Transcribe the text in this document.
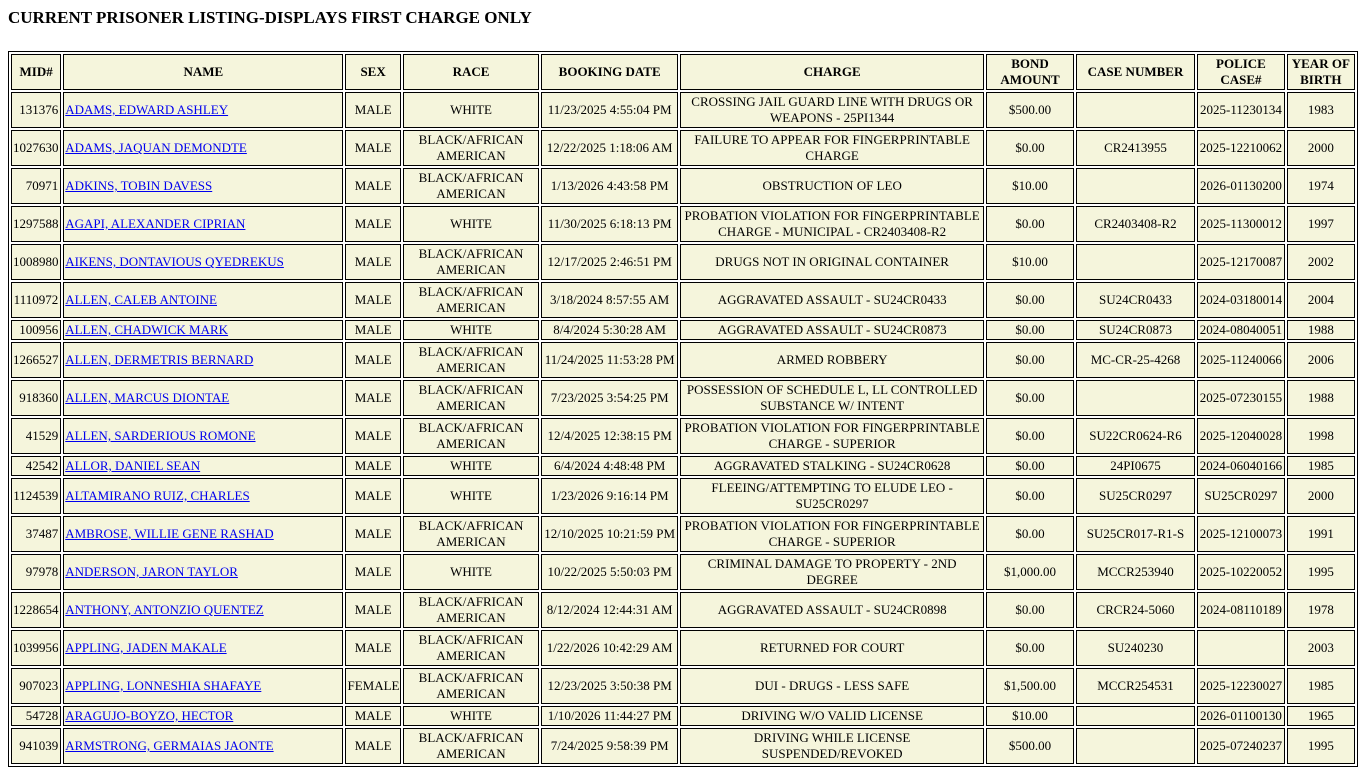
CURRENT PRISONER LISTING-DISPLAYS FIRST CHARGE ONLY
MID#	NAME	SEX	RACE	BOOKING DATE	CHARGE	BOND AMOUNT	CASE NUMBER	POLICE CASE#	YEAR OF BIRTH
131376	ADAMS, EDWARD ASHLEY	MALE	WHITE	11/23/2025 4:55:04 PM	CROSSING JAIL GUARD LINE WITH DRUGS OR WEAPONS - 25PI1344	$500.00		2025-11230134	1983
1027630	ADAMS, JAQUAN DEMONDTE	MALE	BLACK/AFRICAN AMERICAN	12/22/2025 1:18:06 AM	FAILURE TO APPEAR FOR FINGERPRINTABLE CHARGE	$0.00	CR2413955	2025-12210062	2000
70971	ADKINS, TOBIN DAVESS	MALE	BLACK/AFRICAN AMERICAN	1/13/2026 4:43:58 PM	OBSTRUCTION OF LEO	$10.00		2026-01130200	1974
1297588	AGAPI, ALEXANDER CIPRIAN	MALE	WHITE	11/30/2025 6:18:13 PM	PROBATION VIOLATION FOR FINGERPRINTABLE CHARGE - MUNICIPAL - CR2403408-R2	$0.00	CR2403408-R2	2025-11300012	1997
1008980	AIKENS, DONTAVIOUS QYEDREKUS	MALE	BLACK/AFRICAN AMERICAN	12/17/2025 2:46:51 PM	DRUGS NOT IN ORIGINAL CONTAINER	$10.00		2025-12170087	2002
1110972	ALLEN, CALEB ANTOINE	MALE	BLACK/AFRICAN AMERICAN	3/18/2024 8:57:55 AM	AGGRAVATED ASSAULT - SU24CR0433	$0.00	SU24CR0433	2024-03180014	2004
100956	ALLEN, CHADWICK MARK	MALE	WHITE	8/4/2024 5:30:28 AM	AGGRAVATED ASSAULT - SU24CR0873	$0.00	SU24CR0873	2024-08040051	1988
1266527	ALLEN, DERMETRIS BERNARD	MALE	BLACK/AFRICAN AMERICAN	11/24/2025 11:53:28 PM	ARMED ROBBERY	$0.00	MC-CR-25-4268	2025-11240066	2006
918360	ALLEN, MARCUS DIONTAE	MALE	BLACK/AFRICAN AMERICAN	7/23/2025 3:54:25 PM	POSSESSION OF SCHEDULE L, LL CONTROLLED SUBSTANCE W/ INTENT	$0.00		2025-07230155	1988
41529	ALLEN, SARDERIOUS ROMONE	MALE	BLACK/AFRICAN AMERICAN	12/4/2025 12:38:15 PM	PROBATION VIOLATION FOR FINGERPRINTABLE CHARGE - SUPERIOR	$0.00	SU22CR0624-R6	2025-12040028	1998
42542	ALLOR, DANIEL SEAN	MALE	WHITE	6/4/2024 4:48:48 PM	AGGRAVATED STALKING - SU24CR0628	$0.00	24PI0675	2024-06040166	1985
1124539	ALTAMIRANO RUIZ, CHARLES	MALE	WHITE	1/23/2026 9:16:14 PM	FLEEING/ATTEMPTING TO ELUDE LEO - SU25CR0297	$0.00	SU25CR0297	SU25CR0297	2000
37487	AMBROSE, WILLIE GENE RASHAD	MALE	BLACK/AFRICAN AMERICAN	12/10/2025 10:21:59 PM	PROBATION VIOLATION FOR FINGERPRINTABLE CHARGE - SUPERIOR	$0.00	SU25CR017-R1-S	2025-12100073	1991
97978	ANDERSON, JARON TAYLOR	MALE	WHITE	10/22/2025 5:50:03 PM	CRIMINAL DAMAGE TO PROPERTY - 2ND DEGREE	$1,000.00	MCCR253940	2025-10220052	1995
1228654	ANTHONY, ANTONZIO QUENTEZ	MALE	BLACK/AFRICAN AMERICAN	8/12/2024 12:44:31 AM	AGGRAVATED ASSAULT - SU24CR0898	$0.00	CRCR24-5060	2024-08110189	1978
1039956	APPLING, JADEN MAKALE	MALE	BLACK/AFRICAN AMERICAN	1/22/2026 10:42:29 AM	RETURNED FOR COURT	$0.00	SU240230		2003
907023	APPLING, LONNESHIA SHAFAYE	FEMALE	BLACK/AFRICAN AMERICAN	12/23/2025 3:50:38 PM	DUI - DRUGS - LESS SAFE	$1,500.00	MCCR254531	2025-12230027	1985
54728	ARAGUJO-BOYZO, HECTOR	MALE	WHITE	1/10/2026 11:44:27 PM	DRIVING W/O VALID LICENSE	$10.00		2026-01100130	1965
941039	ARMSTRONG, GERMAIAS JAONTE	MALE	BLACK/AFRICAN AMERICAN	7/24/2025 9:58:39 PM	DRIVING WHILE LICENSE SUSPENDED/REVOKED	$500.00		2025-07240237	1995
